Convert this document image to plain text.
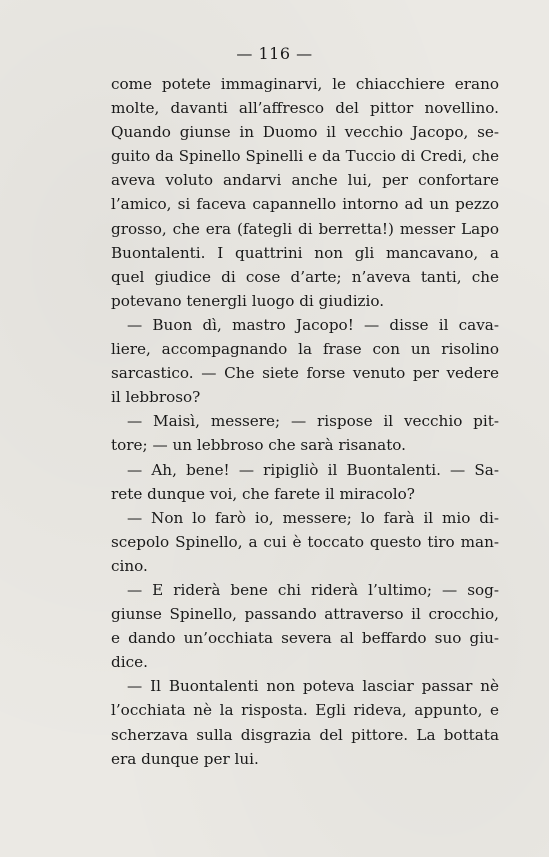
— 116 —
come potete immaginarvi, le chiacchiere erano
molte, davanti all’affresco del pittor novellino.
Quando giunse in Duomo il vecchio Jacopo, se-
guito da Spinello Spinelli e da Tuccio di Credi, che
aveva voluto andarvi anche lui, per confortare
l’amico, si faceva capannello intorno ad un pezzo
grosso, che era (fategli di berretta!) messer Lapo
Buontalenti. I quattrini non gli mancavano, a
quel giudice di cose d’arte; n’aveva tanti, che
potevano tenergli luogo di giudizio.
— Buon dì, mastro Jacopo! — disse il cava-
liere, accompagnando la frase con un risolino
sarcastico. — Che siete forse venuto per vedere
il lebbroso?
— Maisì, messere; — rispose il vecchio pit-
tore; — un lebbroso che sarà risanato.
— Ah, bene! — ripigliò il Buontalenti. — Sa-
rete dunque voi, che farete il miracolo?
— Non lo farò io, messere; lo farà il mio di-
scepolo Spinello, a cui è toccato questo tiro man-
cino.
— E riderà bene chi riderà l’ultimo; — sog-
giunse Spinello, passando attraverso il crocchio,
e dando un’occhiata severa al beffardo suo giu-
dice.
— Il Buontalenti non poteva lasciar passar nè
l’occhiata nè la risposta. Egli rideva, appunto, e
scherzava sulla disgrazia del pittore. La bottata
era dunque per lui.
